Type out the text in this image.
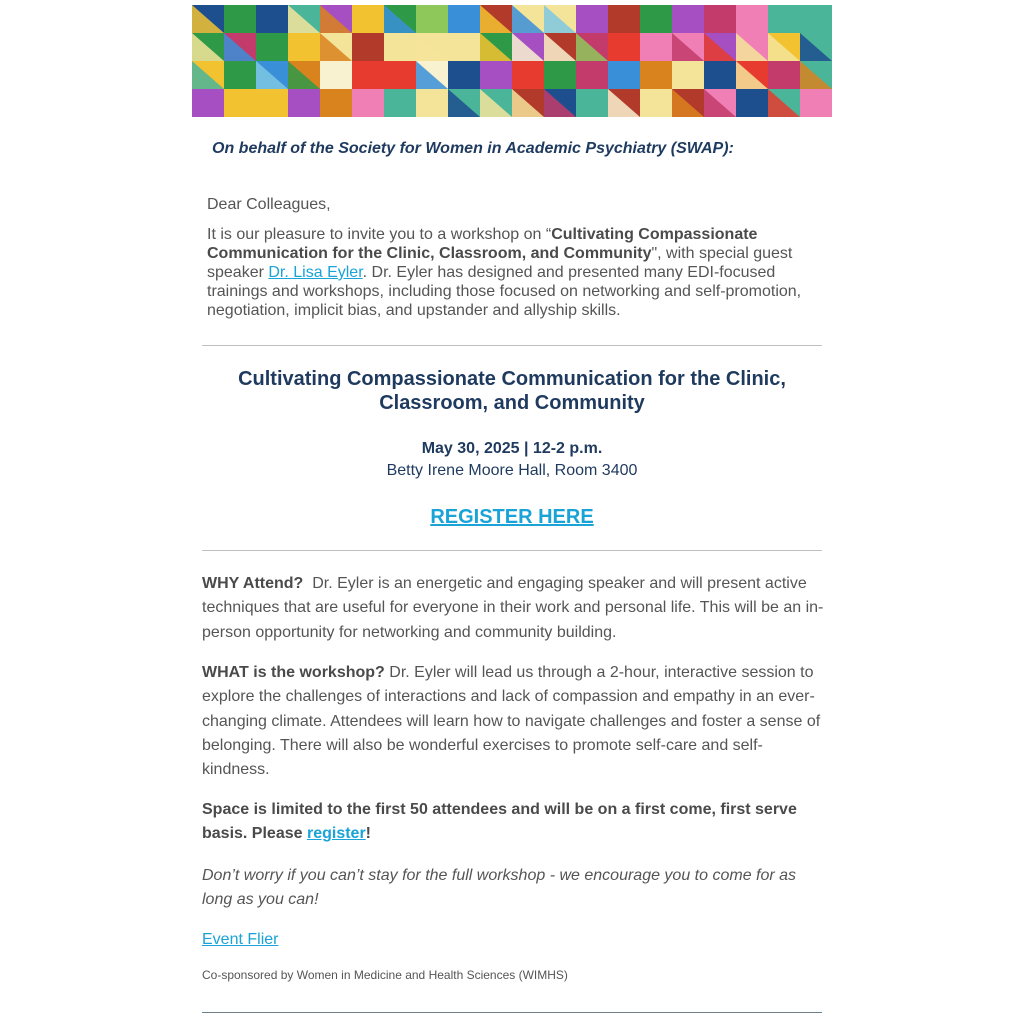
On behalf of the Society for Women in Academic Psychiatry (SWAP):

Dear Colleagues,

It is our pleasure to invite you to a workshop on “Cultivating Compassionate Communication for the Clinic, Classroom, and Community", with special guest speaker Dr. Lisa Eyler. Dr. Eyler has designed and presented many EDI-focused trainings and workshops, including those focused on networking and self-promotion, negotiation, implicit bias, and upstander and allyship skills.

Cultivating Compassionate Communication for the Clinic, Classroom, and Community

May 30, 2025 | 12-2 p.m.

Betty Irene Moore Hall, Room 3400

REGISTER HERE

WHY Attend? Dr. Eyler is an energetic and engaging speaker and will present active techniques that are useful for everyone in their work and personal life. This will be an in-person opportunity for networking and community building.

WHAT is the workshop? Dr. Eyler will lead us through a 2-hour, interactive session to explore the challenges of interactions and lack of compassion and empathy in an ever-changing climate. Attendees will learn how to navigate challenges and foster a sense of belonging. There will also be wonderful exercises to promote self-care and self-kindness.

Space is limited to the first 50 attendees and will be on a first come, first serve basis. Please register!

Don’t worry if you can’t stay for the full workshop - we encourage you to come for as long as you can!

Event Flier

Co-sponsored by Women in Medicine and Health Sciences (WIMHS)
